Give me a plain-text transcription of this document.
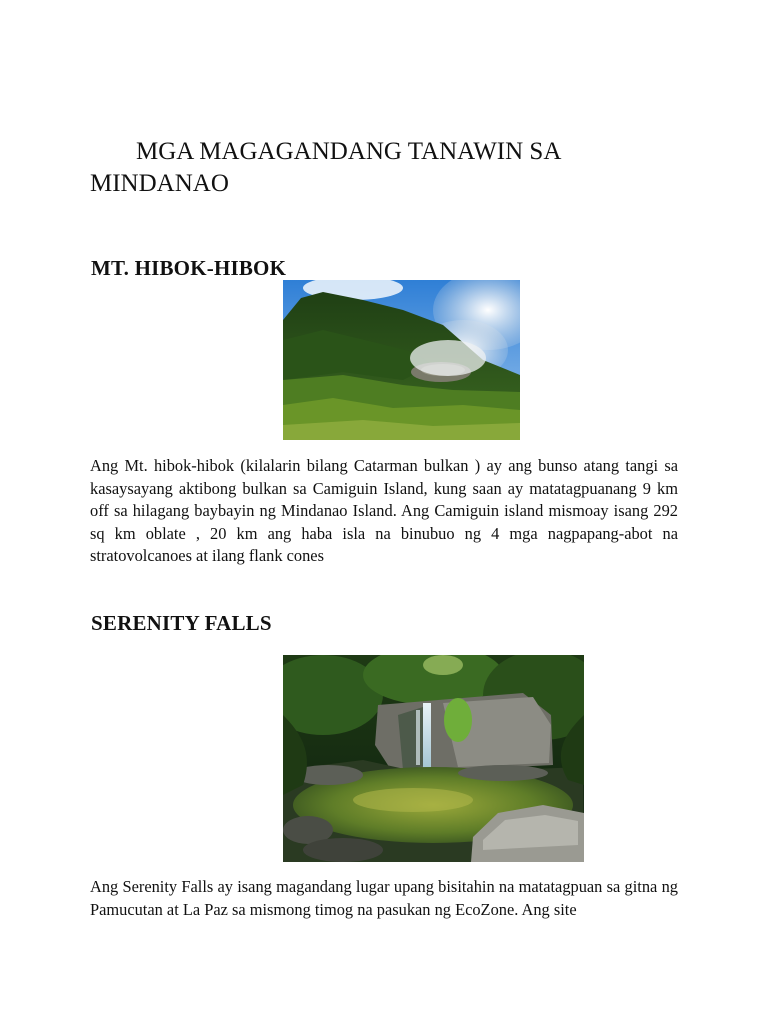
MGA MAGAGANDANG TANAWIN SA MINDANAO
MT. HIBOK-HIBOK

Ang Mt. hibok-hibok (kilalarin bilang Catarman bulkan ) ay ang bunso atang tangi sa kasaysayang aktibong bulkan sa Camiguin Island, kung saan ay matatagpuanang 9 km off sa hilagang baybayin ng Mindanao Island. Ang Camiguin island mismoay isang 292 sq km oblate , 20 km ang haba isla na binubuo ng 4 mga nagpapang-abot na stratovolcanoes at ilang flank cones

SERENITY FALLS

Ang Serenity Falls ay isang magandang lugar upang bisitahin na matatagpuan sa gitna ng Pamucutan at La Paz sa mismong timog na pasukan ng EcoZone. Ang site
